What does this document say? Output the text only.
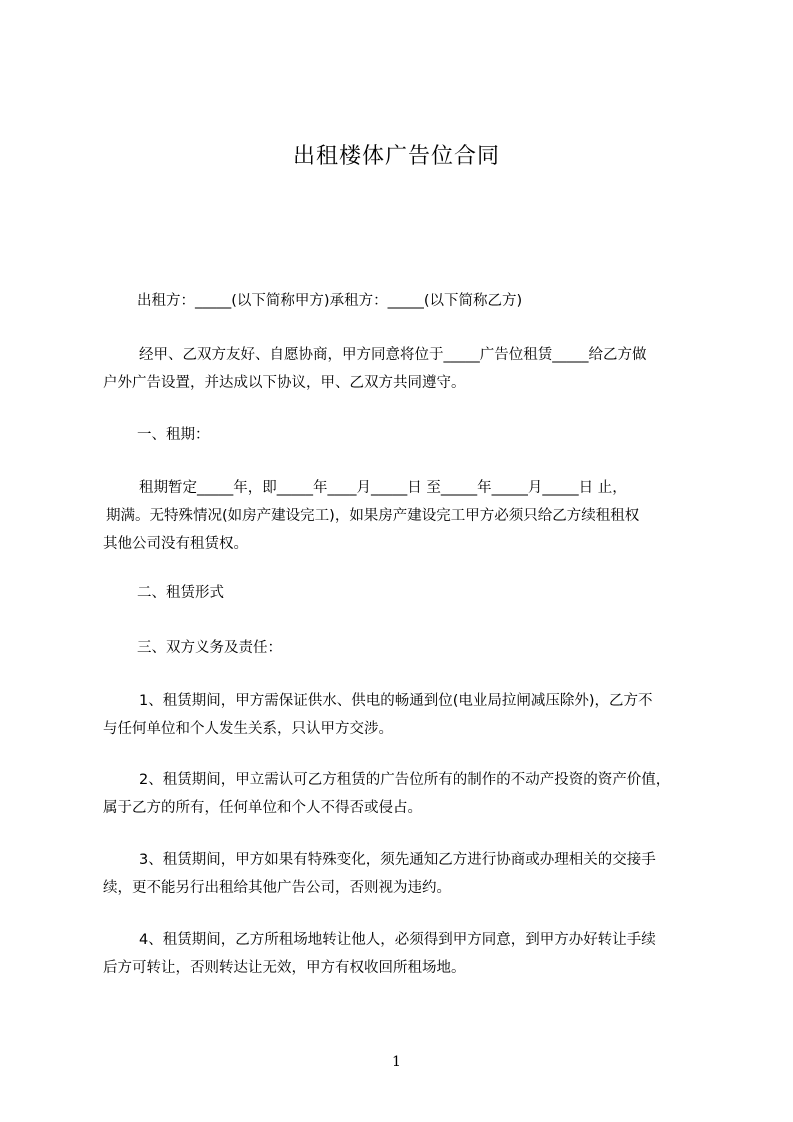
出租楼体广告位合同

出租方：_____(以下简称甲方)承租方：_____(以下简称乙方)

经甲、乙双方友好、自愿协商，甲方同意将位于_____广告位租赁_____给乙方做

户外广告设置，并达成以下协议，甲、乙双方共同遵守。

一、租期：

租期暂定_____年，即_____年____月_____日 至_____年_____月_____日 止，

期满。无特殊情况(如房产建设完工)，如果房产建设完工甲方必须只给乙方续租租权

其他公司没有租赁权。

二、租赁形式

三、双方义务及责任：

1、租赁期间，甲方需保证供水、供电的畅通到位(电业局拉闸减压除外)，乙方不

与任何单位和个人发生关系，只认甲方交涉。

2、租赁期间，甲立需认可乙方租赁的广告位所有的制作的不动产投资的资产价值，

属于乙方的所有，任何单位和个人不得否或侵占。

3、租赁期间，甲方如果有特殊变化，须先通知乙方进行协商或办理相关的交接手

续，更不能另行出租给其他广告公司，否则视为违约。

4、租赁期间，乙方所租场地转让他人，必须得到甲方同意，到甲方办好转让手续

后方可转让，否则转达让无效，甲方有权收回所租场地。

1
